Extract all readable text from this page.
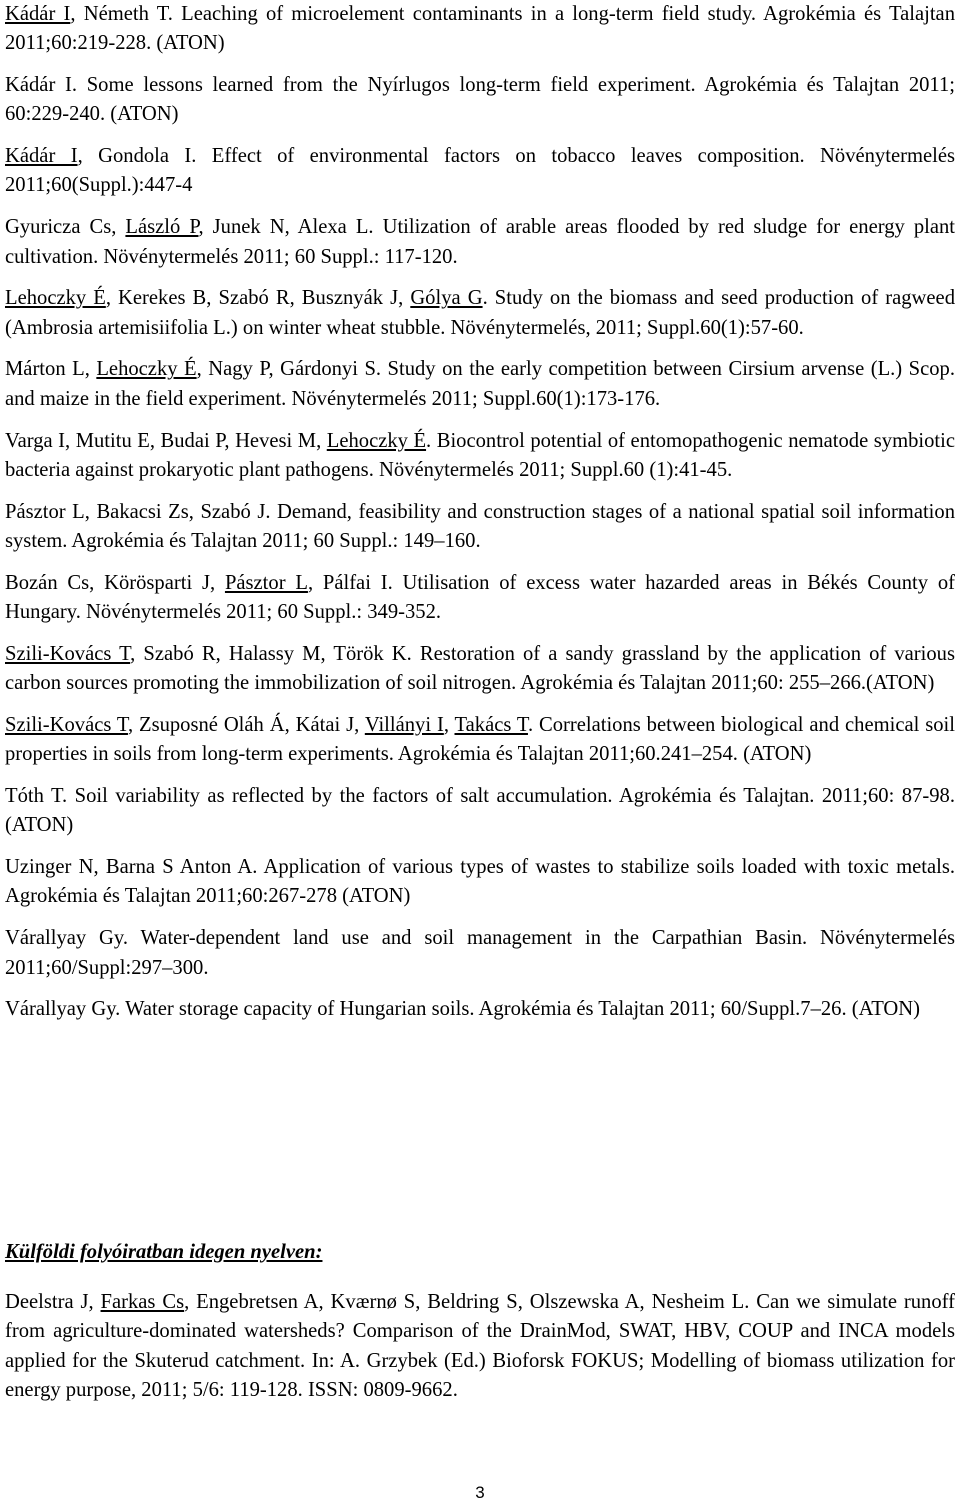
Kádár I, Németh T. Leaching of microelement contaminants in a long-term field study. Agrokémia és Talajtan 2011;60:219-228. (ATON)

Kádár I. Some lessons learned from the Nyírlugos long-term field experiment. Agrokémia és Talajtan 2011; 60:229-240. (ATON)

Kádár I, Gondola I. Effect of environmental factors on tobacco leaves composition. Növénytermelés 2011;60(Suppl.):447-4

Gyuricza Cs, László P, Junek N, Alexa L. Utilization of arable areas flooded by red sludge for energy plant cultivation. Növénytermelés 2011; 60 Suppl.: 117-120.

Lehoczky É, Kerekes B, Szabó R, Busznyák J, Gólya G. Study on the biomass and seed production of ragweed (Ambrosia artemisiifolia L.) on winter wheat stubble. Növénytermelés, 2011; Suppl.60(1):57-60.

Márton L, Lehoczky É, Nagy P, Gárdonyi S. Study on the early competition between Cirsium arvense (L.) Scop. and maize in the field experiment. Növénytermelés 2011; Suppl.60(1):173-176.

Varga I, Mutitu E, Budai P, Hevesi M, Lehoczky É. Biocontrol potential of entomopathogenic nematode symbiotic bacteria against prokaryotic plant pathogens. Növénytermelés 2011; Suppl.60 (1):41-45.

Pásztor L, Bakacsi Zs, Szabó J. Demand, feasibility and construction stages of a national spatial soil information system. Agrokémia és Talajtan 2011; 60 Suppl.: 149–160.

Bozán Cs, Körösparti J, Pásztor L, Pálfai I. Utilisation of excess water hazarded areas in Békés County of Hungary. Növénytermelés 2011; 60 Suppl.: 349-352.

Szili-Kovács T, Szabó R, Halassy M, Török K. Restoration of a sandy grassland by the application of various carbon sources promoting the immobilization of soil nitrogen. Agrokémia és Talajtan 2011;60: 255–266.(ATON)

Szili-Kovács T, Zsuposné Oláh Á, Kátai J, Villányi I, Takács T. Correlations between biological and chemical soil properties in soils from long-term experiments. Agrokémia és Talajtan 2011;60.241–254. (ATON)

Tóth T. Soil variability as reflected by the factors of salt accumulation. Agrokémia és Talajtan. 2011;60: 87-98. (ATON)

Uzinger N, Barna S Anton A. Application of various types of wastes to stabilize soils loaded with toxic metals. Agrokémia és Talajtan 2011;60:267-278 (ATON)

Várallyay Gy. Water-dependent land use and soil management in the Carpathian Basin. Növénytermelés 2011;60/Suppl:297–300.

Várallyay Gy. Water storage capacity of Hungarian soils. Agrokémia és Talajtan 2011; 60/Suppl.7–26. (ATON)

Külföldi folyóiratban idegen nyelven:

Deelstra J, Farkas Cs, Engebretsen A, Kværnø S, Beldring S, Olszewska A, Nesheim L. Can we simulate runoff from agriculture-dominated watersheds? Comparison of the DrainMod, SWAT, HBV, COUP and INCA models applied for the Skuterud catchment. In: A. Grzybek (Ed.) Bioforsk FOKUS; Modelling of biomass utilization for energy purpose, 2011; 5/6: 119-128. ISSN: 0809-9662.

3
